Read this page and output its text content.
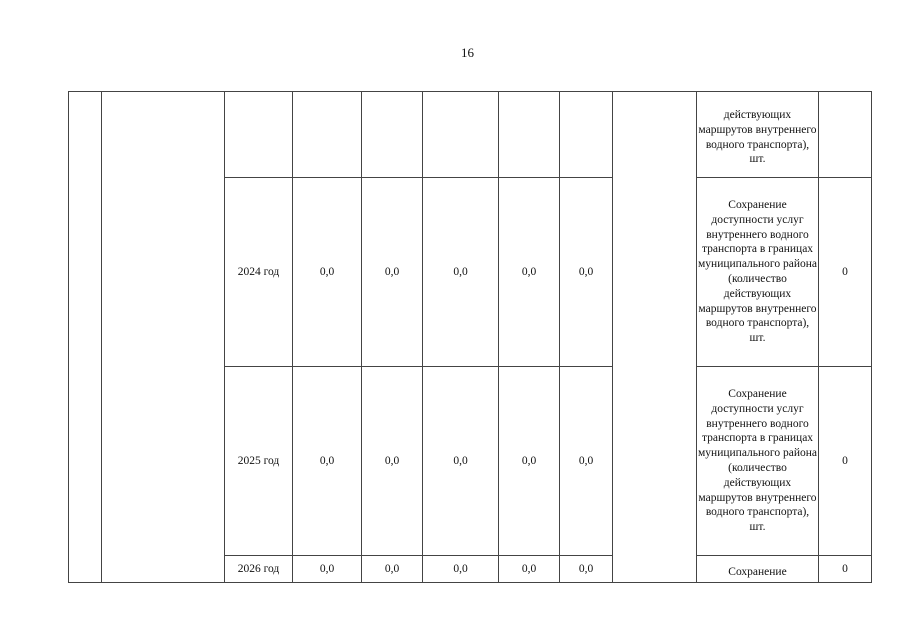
16
									действующих маршрутов внутреннего водного транспорта), шт.	
		2024 год	0,0	0,0	0,0	0,0	0,0		Сохранение доступности услуг внутреннего водного транспорта в границах муниципального района (количество действующих маршрутов внутреннего водного транспорта), шт.	0
		2025 год	0,0	0,0	0,0	0,0	0,0		Сохранение доступности услуг внутреннего водного транспорта в границах муниципального района (количество действующих маршрутов внутреннего водного транспорта), шт.	0
		2026 год	0,0	0,0	0,0	0,0	0,0		Сохранение	0
